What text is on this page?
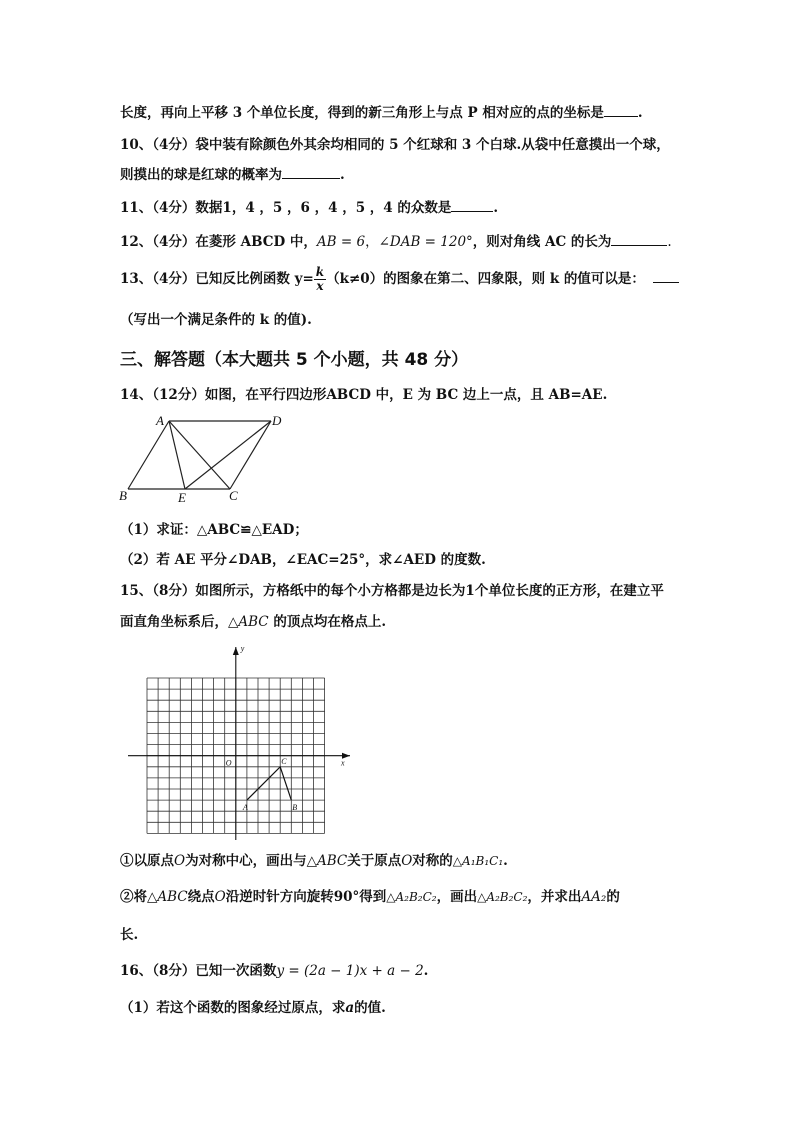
长度，再向上平移 3 个单位长度，得到的新三角形上与点 P 相对应的点的坐标是	.
10、（4分）袋中装有除颜色外其余均相同的 5 个红球和 3 个白球.从袋中任意摸出一个球，
则摸出的球是红球的概率为	.
11、（4分）数据1，4 ，5 ，6 ，4 ，5 ，4 的众数是	.
12、（4分）在菱形 ABCD 中，AB = 6，∠DAB = 120°，则对角线 AC 的长为	.
13、（4分）已知反比例函数 $y= \frac{k}{x} (k\ne 0)$的图象在第二、四象限，则 k 的值可以是：
（写出一个满足条件的 k 的值).
三、解答题（本大题共 5 个小题，共 48 分）
14、（12分）如图，在平行四边形ABCD 中，E 为 BC 边上一点，且 AB=AE.
A	D
B	E	C
（1）求证：△ABC≌△EAD；
（2）若 AE 平分∠DAB，∠EAC=25°，求∠AED 的度数.
15、（8分）如图所示，方格纸中的每个小方格都是边长为1个单位长度的正方形，在建立平
面直角坐标系后，△ABC 的顶点均在格点上.
y
x
O
A	B
C
①以原点O为对称中心，画出与△ABC关于原点O对称的△A₁B₁C₁.
②将△ABC绕点O沿逆时针方向旋转90°得到△A₂B₂C₂，画出△A₂B₂C₂，并求出AA₂的
长.
16、（8分）已知一次函数y = (2a − 1)x + a − 2.
（1）若这个函数的图象经过原点，求a的值.
